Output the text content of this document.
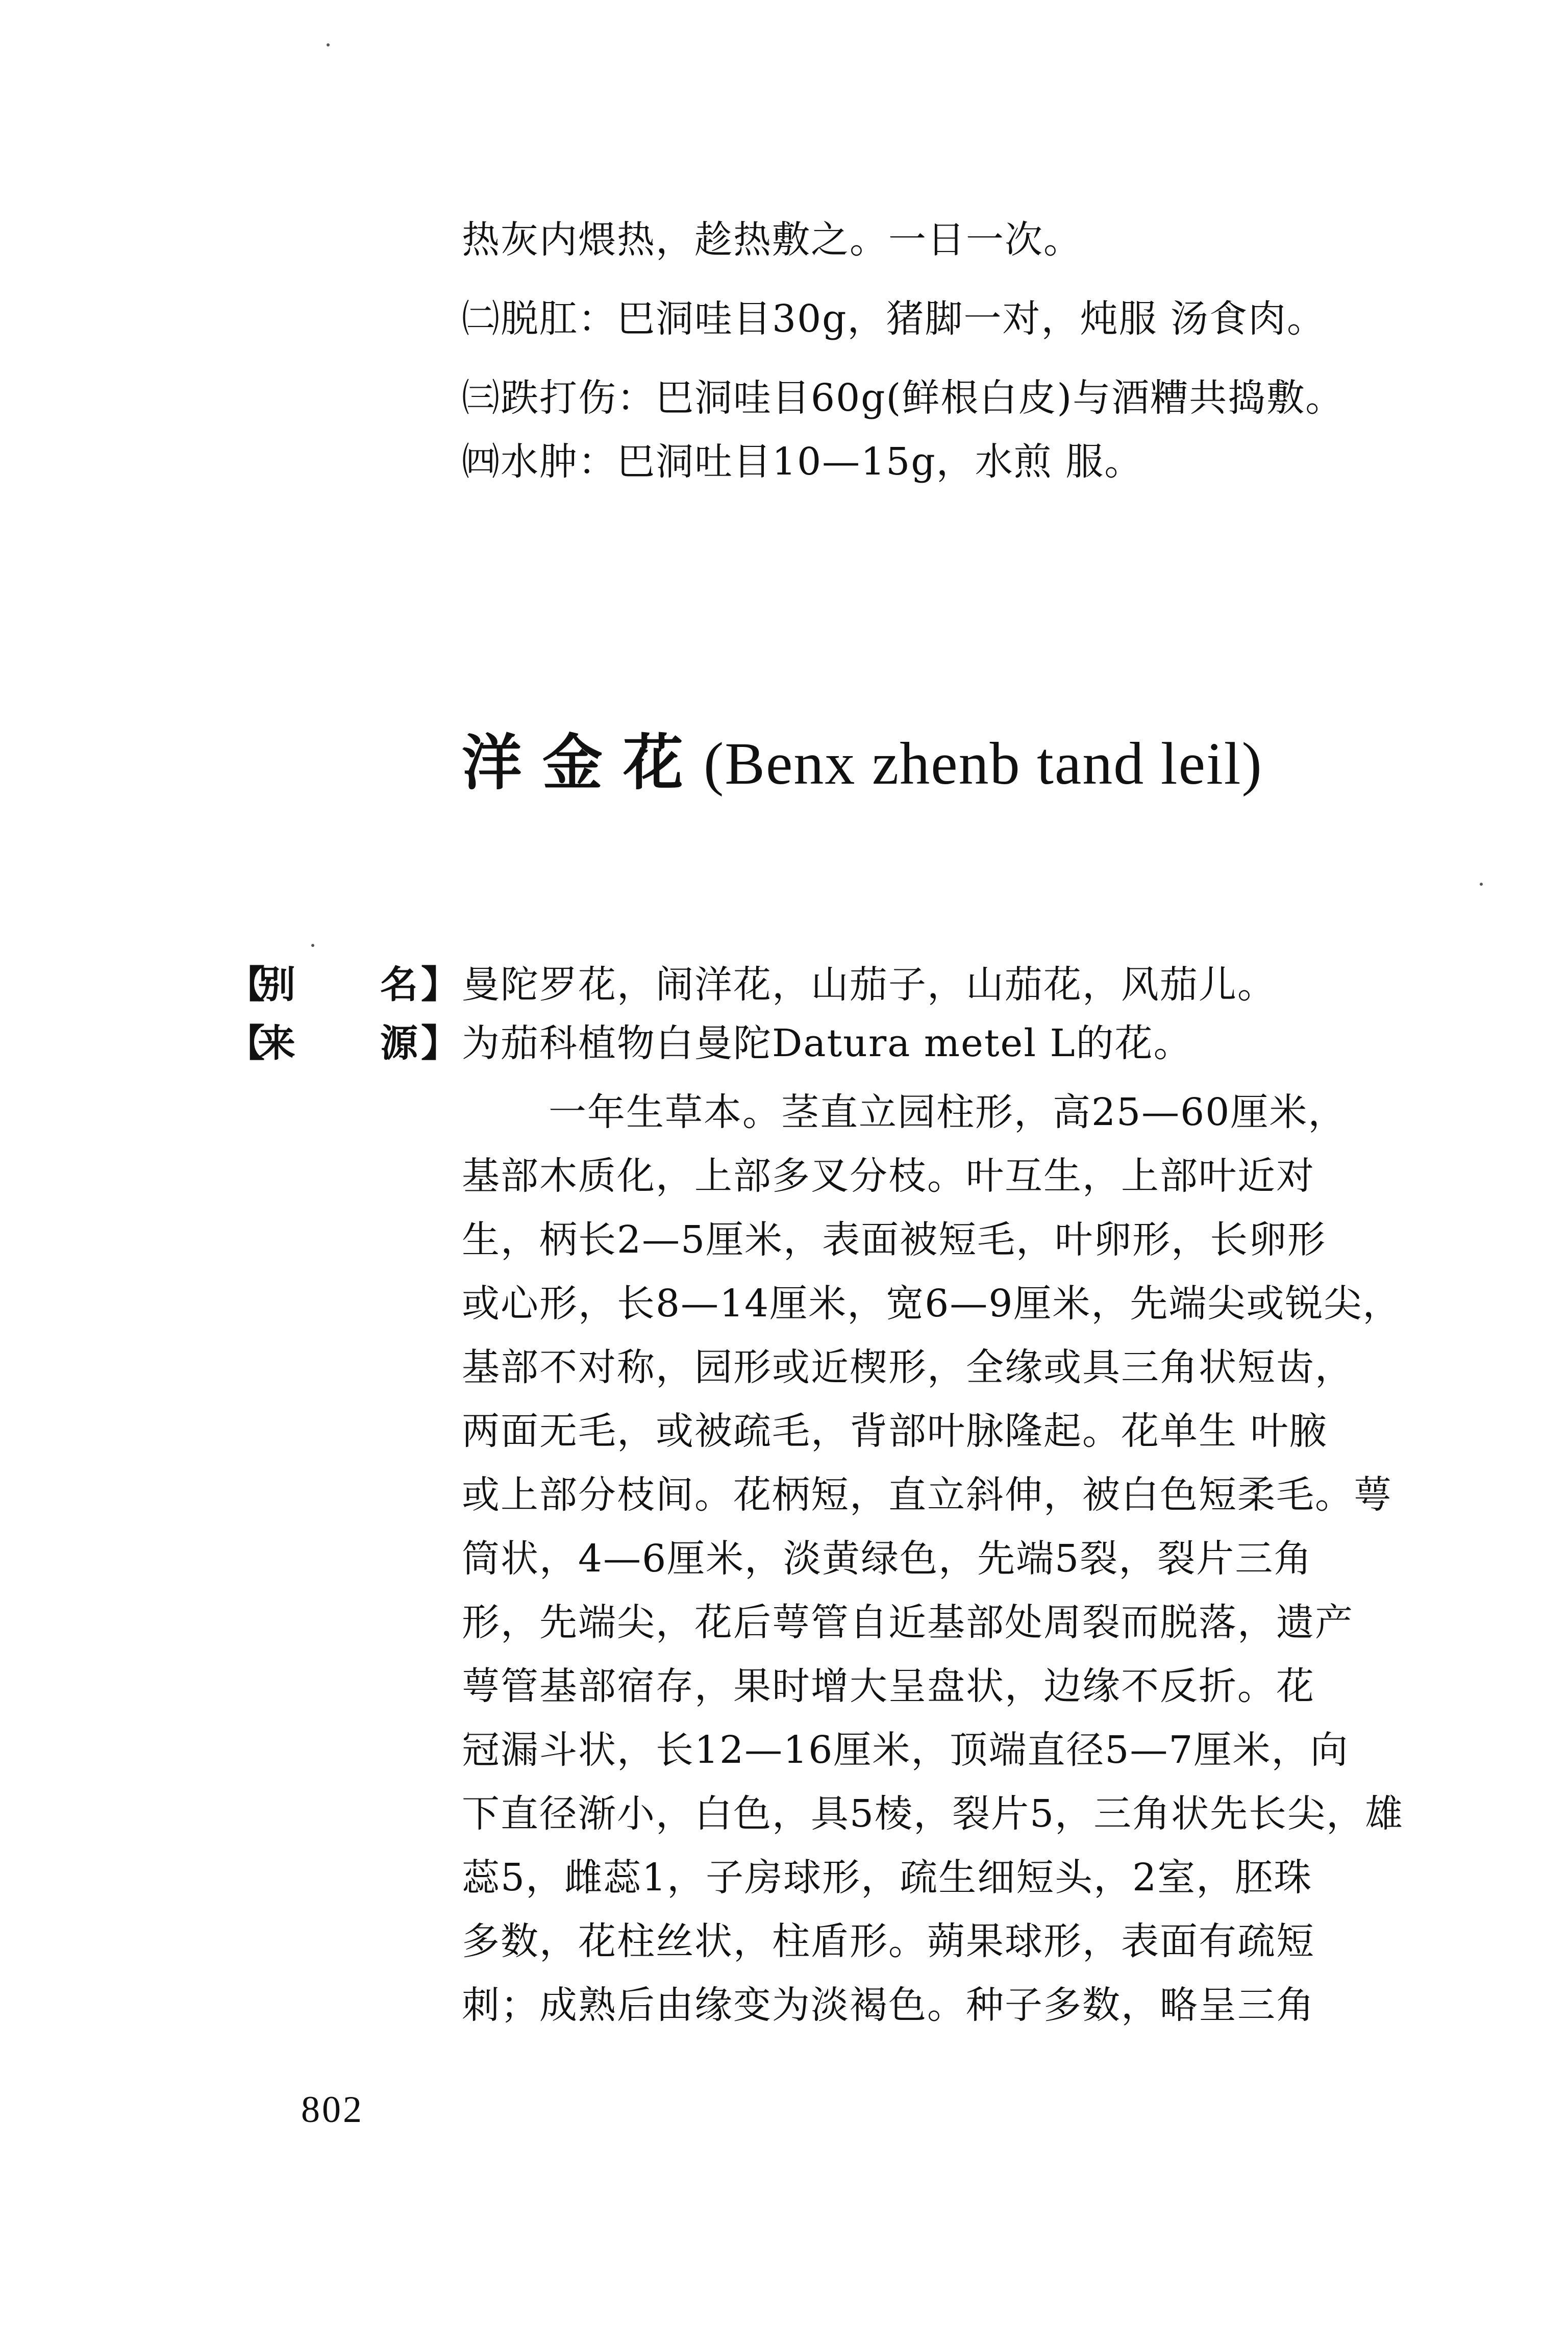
热灰内煨热，趁热敷之。一日一次。
㈡脱肛：巴洞哇目30g，猪脚一对，炖服 汤食肉。
㈢跌打伤：巴洞哇目60g(鲜根白皮)与酒糟共捣敷。
㈣水肿：巴洞吐目10—15g，水煎 服。
洋金花(Benx zhenb tand leil)
【
别 名 】 曼陀罗花，闹洋花，山茄子，山茄花，风茄儿。
【
来 源 】 为茄科植物白曼陀Datura metel L的花。
一年生草本。茎直立园柱形，高25—60厘米，
基部木质化，上部多叉分枝。叶互生，上部叶近对
生，柄长2—5厘米，表面被短毛，叶卵形，长卵形
或心形，长8—14厘米，宽6—9厘米，先端尖或锐尖，
基部不对称，园形或近楔形，全缘或具三角状短齿，
两面无毛，或被疏毛，背部叶脉隆起。花单生 叶腋
或上部分枝间。花柄短，直立斜伸，被白色短柔毛。萼
筒状，4—6厘米，淡黄绿色，先端5裂，裂片三角
形，先端尖，花后萼管自近基部处周裂而脱落，遗产
萼管基部宿存，果时增大呈盘状，边缘不反折。花
冠漏斗状，长12—16厘米，顶端直径5—7厘米，向
下直径渐小，白色，具5棱，裂片5，三角状先长尖，雄
蕊5，雌蕊1，子房球形，疏生细短头，2室，胚珠
多数，花柱丝状，柱盾形。蒴果球形，表面有疏短
刺；成熟后由缘变为淡褐色。种子多数，略呈三角
802
